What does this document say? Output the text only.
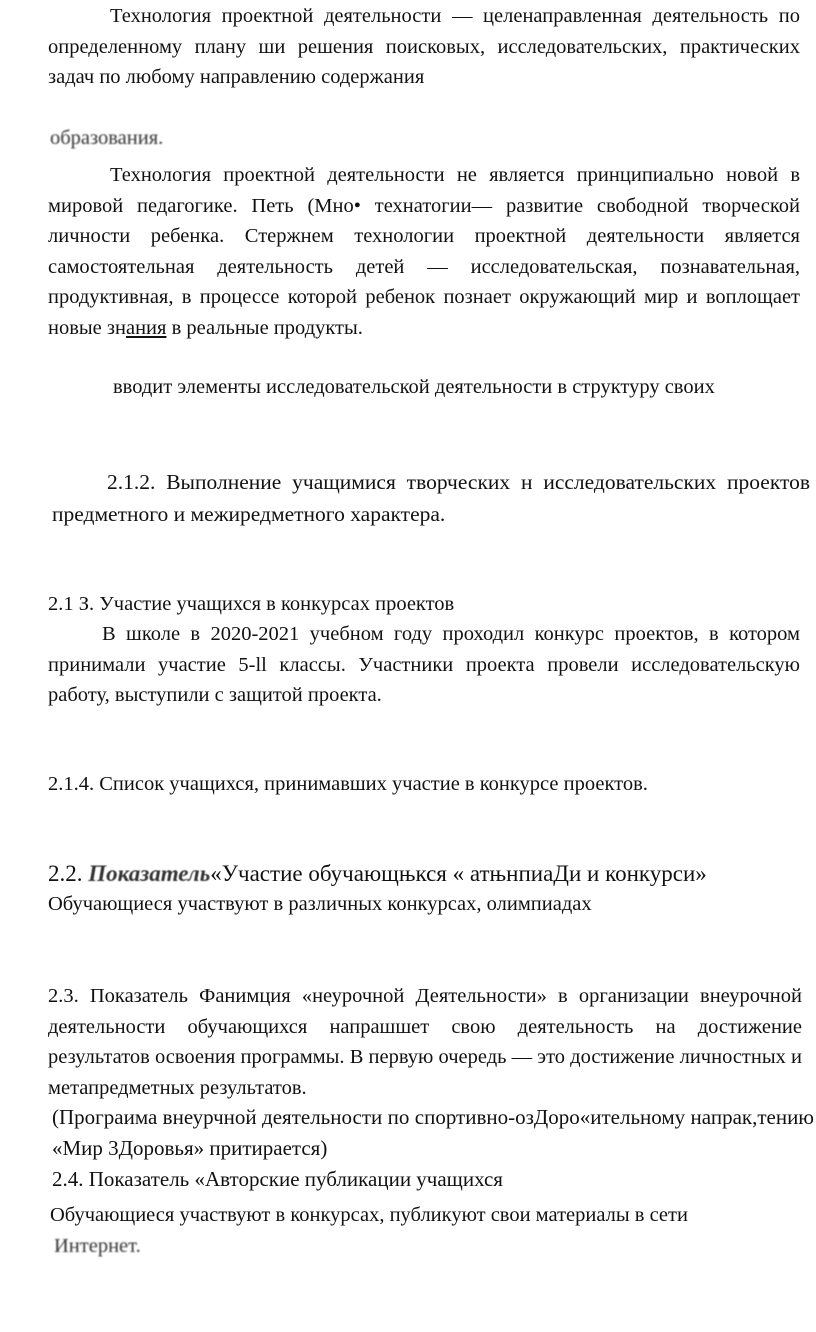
Технология проектной деятельности — целенаправленная деятельность по определенному плану ши решения поисковых, исследовательских, практических задач по любому направлению содержания

образования.

Технология проектной деятельности не является принципиально новой в мировой педагогике. Петь (Мно• технатогии— развитие свободной творческой личности ребенка. Стержнем технологии проектной деятельности является самостоятельная деятельность детей — исследовательская, познавательная, продуктивная, в процессе которой ребенок познает окружающий мир и воплощает новые знания в реальные продукты.

вводит элементы исследовательской деятельности в структуру своих

2.1.2. Выполнение учащимися творческих н исследовательских проектов предметного и межиредметного характера.

2.1 З. Участие учащихся в конкурсах проектов

В школе в 2020-2021 учебном году проходил конкурс проектов, в котором принимали участие 5-ll классы. Участники проекта провели исследовательскую работу, выступили с защитой проекта.

2.1.4. Список учащихся, принимавших участие в конкурсе проектов.

2.2. Показатель«Участие обучающњкся « атњнпиаДи и конкурси»

Обучающиеся участвуют в различных конкурсах, олимпиадах

2.3. Показатель Фанимция «неурочной Деятельности» в организации внеурочной деятельности обучающихся напрашшет свою деятельность на достижение результатов освоения программы. В первую очередь — это достижение личностных и метапредметных результатов.

(Програима внеурчной деятельности по спортивно-озДоро«ительному напрак,тению «Мир 3Доровья» притирается)

2.4. Показатель «Авторские публикации учащихся

Обучающиеся участвуют в конкурсах, публикуют свои материалы в сети

Интернет.
